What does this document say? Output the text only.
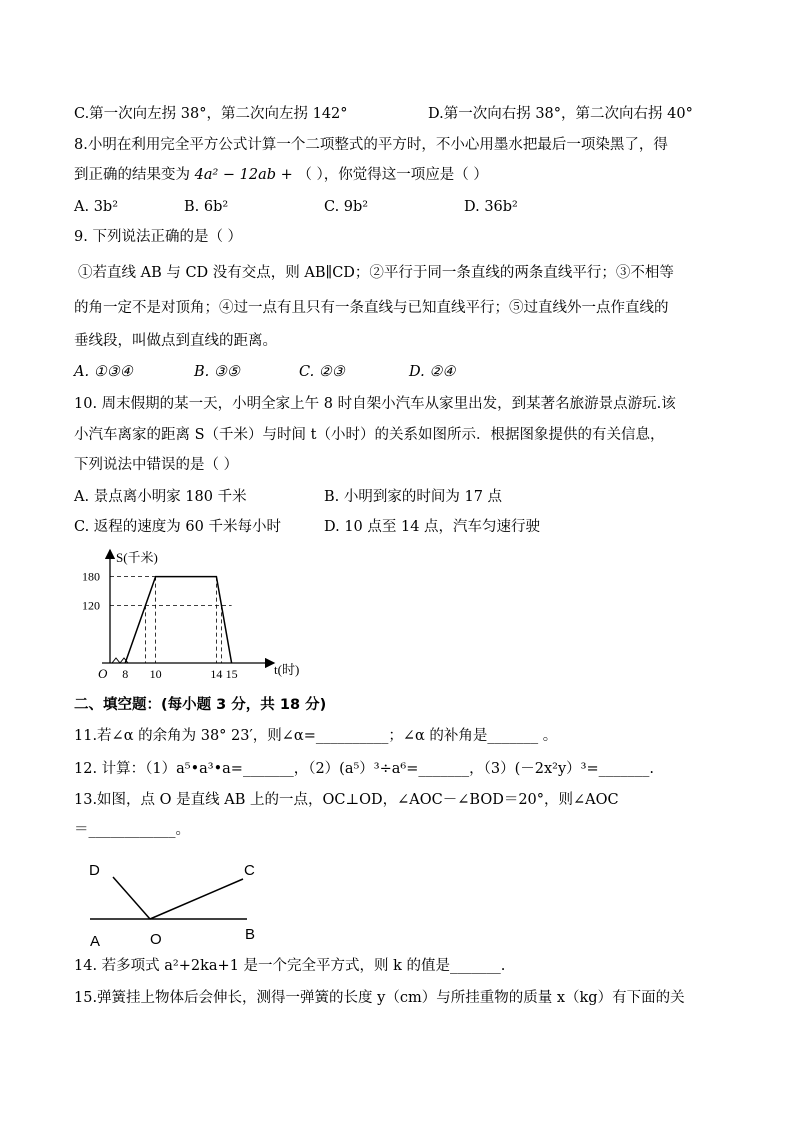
C.第一次向左拐 38°，第二次向左拐 142°	D.第一次向右拐 38°，第二次向右拐 40°
8.小明在利用完全平方公式计算一个二项整式的平方时，不小心用墨水把最后一项染黑了，得
到正确的结果变为 4a² − 12ab + （ ），你觉得这一项应是（ ）
A. 3b²	B. 6b²	C. 9b²	D. 36b²
9. 下列说法正确的是（ ）
①若直线 AB 与 CD 没有交点，则 AB∥CD；②平行于同一条直线的两条直线平行；③不相等
的角一定不是对顶角；④过一点有且只有一条直线与已知直线平行；⑤过直线外一点作直线的
垂线段，叫做点到直线的距离。
A. ①③④	B. ③⑤	C. ②③	D. ②④
10. 周末假期的某一天，小明全家上午 8 时自架小汽车从家里出发，到某著名旅游景点游玩.该
小汽车离家的距离 S（千米）与时间 t（小时）的关系如图所示．根据图象提供的有关信息，
下列说法中错误的是（ ）
A. 景点离小明家 180 千米	B. 小明到家的时间为 17 点
C. 返程的速度为 60 千米每小时	D. 10 点至 14 点，汽车匀速行驶
120
180
8 10	14 15
O
S(千米)
t(时)
二、填空题：(每小题 3 分，共 18 分)
11.若∠α 的余角为 38° 23′，则∠α=__________；∠α 的补角是_______ 。
12. 计算：（1）a⁵•a³•a=_______，（2）(a⁵）³÷a⁶=_______，（3）(－2x²y）³=_______.
13.如图，点 O 是直线 AB 上的一点，OC⊥OD，∠AOC－∠BOD＝20°，则∠AOC
＝____________。
D	C
A	O	B
14. 若多项式 a²+2ka+1 是一个完全平方式，则 k 的值是_______.
15.弹簧挂上物体后会伸长，测得一弹簧的长度 y（cm）与所挂重物的质量 x（kg）有下面的关
